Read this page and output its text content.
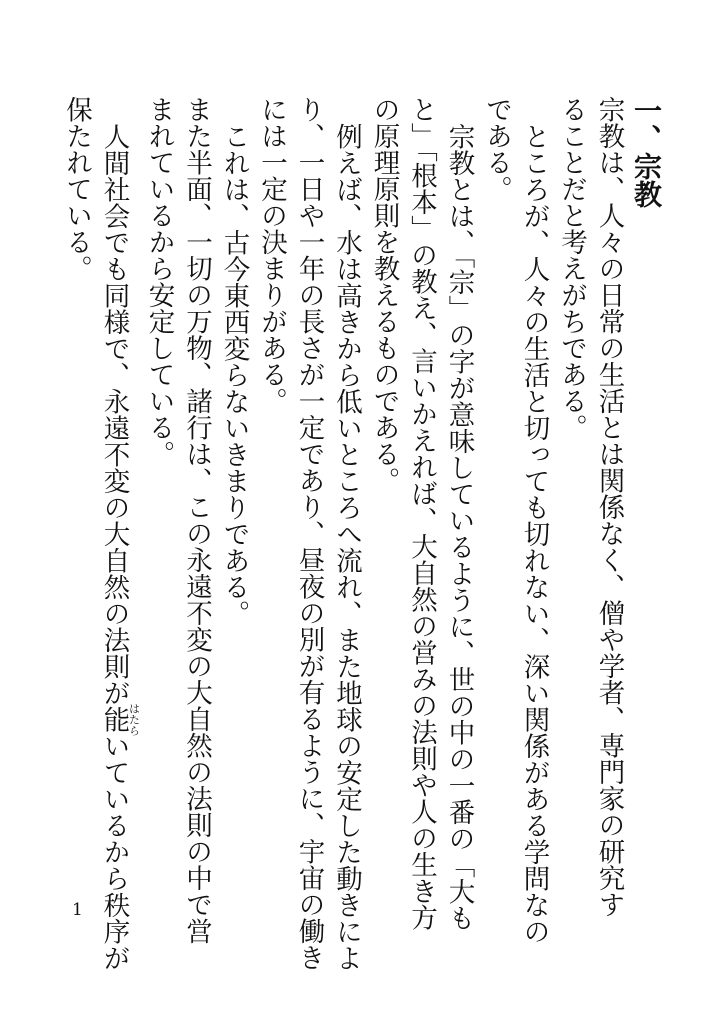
一、宗教
宗教は、人々の日常の生活とは関係なく、僧や学者、専門家の研究す
ることだと考えがちである。
ところが、人々の生活と切っても切れない、深い関係がある学問なの
である。
宗教とは、「宗」の字が意味しているように、世の中の一番の「大も
と」「根本」の教え、言いかえれば、大自然の営みの法則や人の生き方
の原理原則を教えるものである。
例えば、水は高きから低いところへ流れ、また地球の安定した動きによ
り、一日や一年の長さが一定であり、昼夜の別が有るように、宇宙の働き
には一定の決まりがある。
これは、古今東西変らないきまりである。
また半面、一切の万物、諸行は、この永遠不変の大自然の法則の中で営
まれているから安定している。
人間社会でも同様で、永遠不変の大自然の法則が能はたらいているから秩序が
保たれている。
1
